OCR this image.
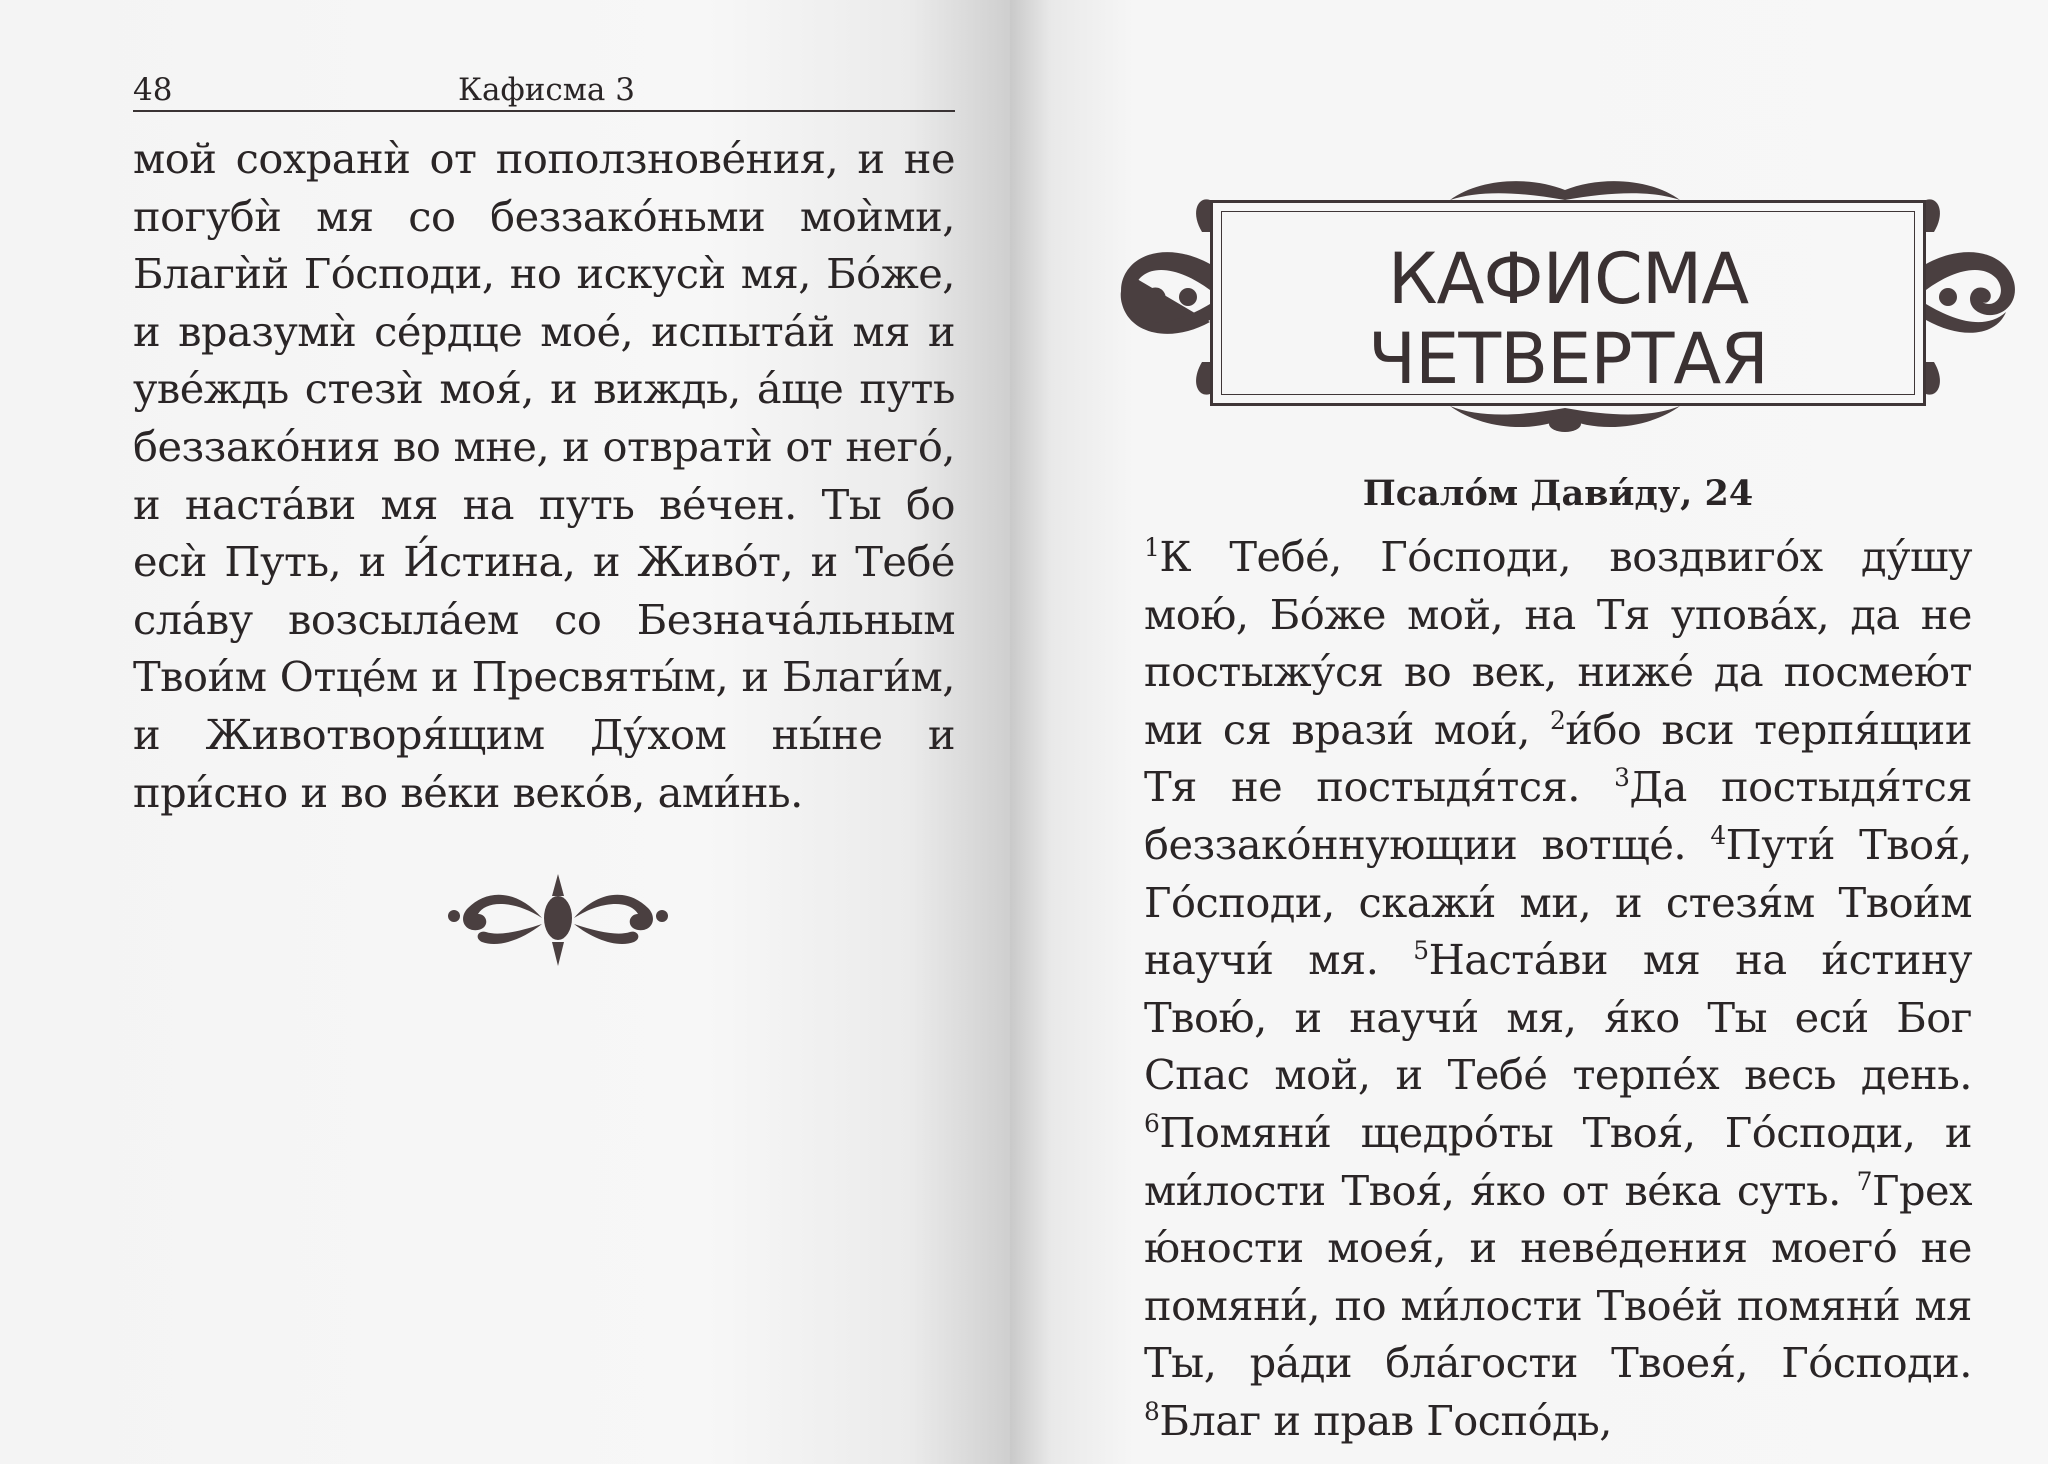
48	Кафисма 3

мой сохранѝ от поползнове́ния, и не погубѝ мя со беззако́ньми моѝми, Благѝй Го́споди, но искусѝ мя, Бо́же, и вразумѝ се́рдце мое́, испыта́й мя и уве́ждь стезѝ моя́, и виждь, а́ще путь беззако́ния во мне, и отвратѝ от него́, и наста́ви мя на путь ве́чен. Ты бо есѝ Путь, и И́стина, и Живо́т, и Тебе́ сла́ву возсыла́ем со Безнача́льным Твои́м Отце́м и Пресвяты́м, и Благи́м, и Животворя́щим Ду́хом ны́не и при́сно и во ве́ки веко́в, ами́нь.

КАФИСМА
ЧЕТВЕРТАЯ
Псало́м Дави́ду, 24

$^1$К Тебе́, Го́споди, воздвиго́х ду́шу мою́, Бо́же мой, на Тя упова́х, да не постыжу́ся во век, ниже́ да посмею́т ми ся врази́ мои́, $^2$и́бо вси терпя́щии Тя не постыдя́тся. $^3$Да постыдя́тся беззако́ннующии вотще́. $^4$Пути́ Твоя́, Го́споди, скажи́ ми, и стезя́м Твои́м научи́ мя. $^5$Наста́ви мя на и́стину Твою́, и научи́ мя, я́ко Ты еси́ Бог Спас мой, и Тебе́ терпе́х весь день. $^6$Помяни́ щедро́ты Твоя́, Го́споди, и ми́лости Твоя́, я́ко от ве́ка суть. $^7$Грех ю́ности моея́, и неве́дения моего́ не помяни́, по ми́лости Твое́й помяни́ мя Ты, ра́ди бла́гости Твоея́, Го́споди. $^8$Благ и прав Госпо́дь,
